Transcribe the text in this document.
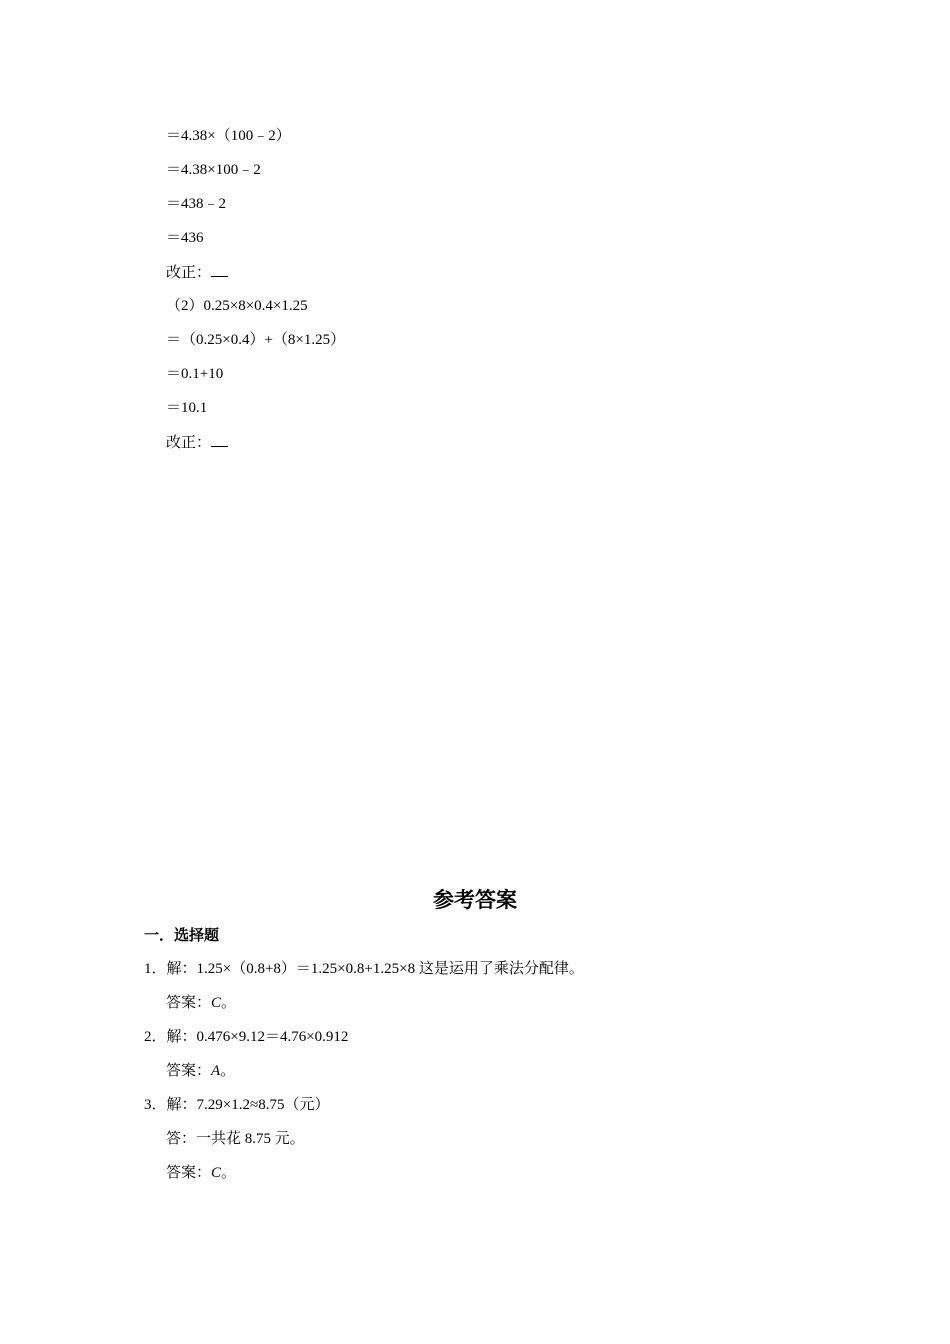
＝4.38×（100﹣2）
＝4.38×100﹣2
＝438﹣2
＝436
改正：
（2）0.25×8×0.4×1.25
＝（0.25×0.4）+（8×1.25）
＝0.1+10
＝10.1
改正：
参考答案
一．选择题
1．解：1.25×（0.8+8）＝1.25×0.8+1.25×8 这是运用了乘法分配律。
答案：C。
2．解：0.476×9.12＝4.76×0.912
答案：A。
3．解：7.29×1.2≈8.75（元）
答：一共花 8.75 元。
答案：C。
